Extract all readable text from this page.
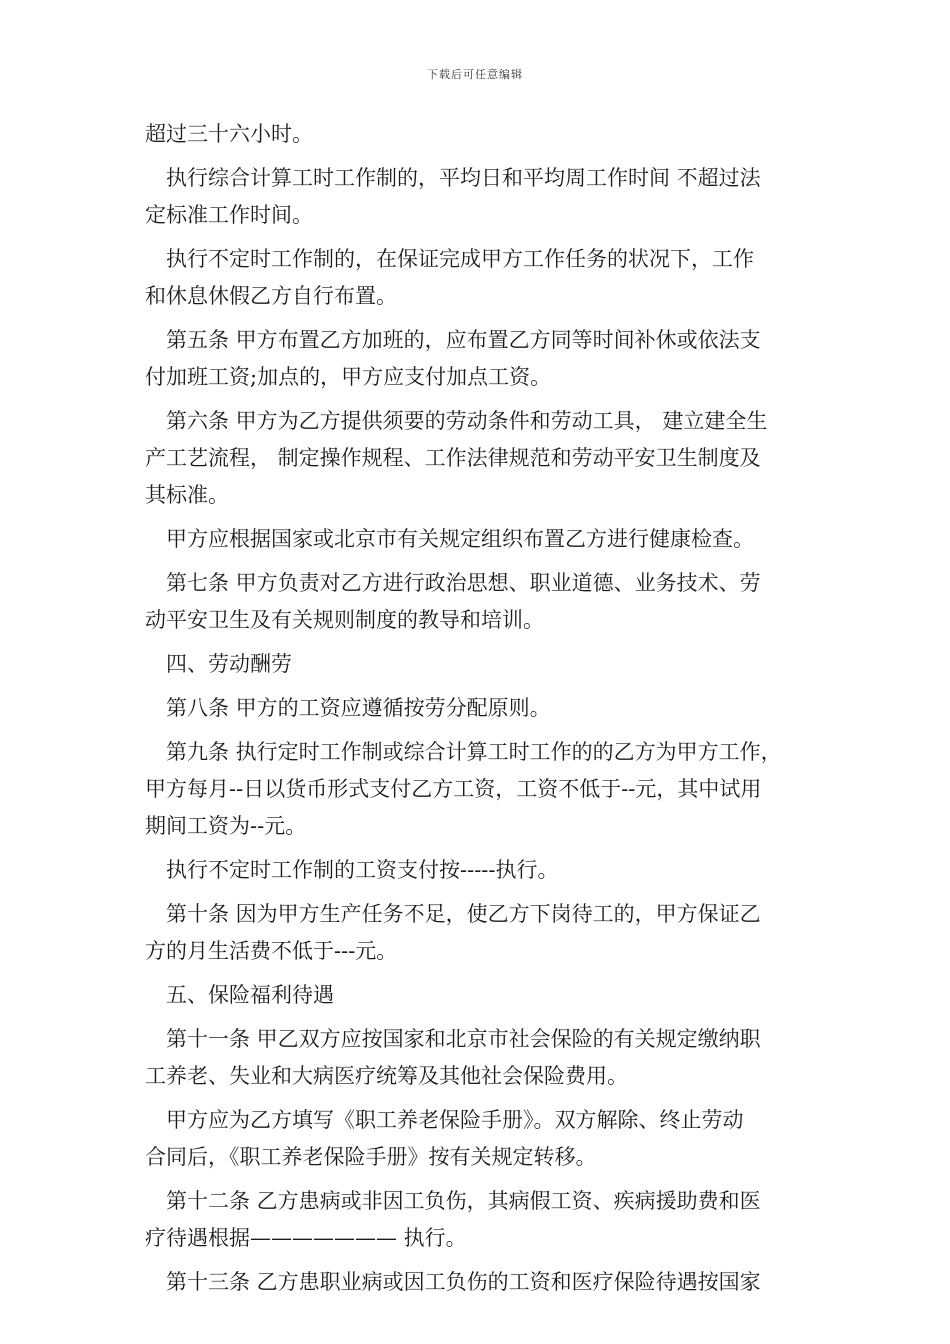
下载后可任意编辑

超过三十六小时。

执行综合计算工时工作制的，平均日和平均周工作时间 不超过法
定标准工作时间。

执行不定时工作制的，在保证完成甲方工作任务的状况下，工作
和休息休假乙方自行布置。

第五条 甲方布置乙方加班的，应布置乙方同等时间补休或依法支
付加班工资;加点的，甲方应支付加点工资。

第六条 甲方为乙方提供须要的劳动条件和劳动工具， 建立建全生
产工艺流程， 制定操作规程、工作法律规范和劳动平安卫生制度及
其标准。

甲方应根据国家或北京市有关规定组织布置乙方进行健康检查。

第七条 甲方负责对乙方进行政治思想、职业道德、业务技术、劳
动平安卫生及有关规则制度的教导和培训。

四、劳动酬劳

第八条 甲方的工资应遵循按劳分配原则。

第九条 执行定时工作制或综合计算工时工作的的乙方为甲方工作，
甲方每月--日以货币形式支付乙方工资，工资不低于--元，其中试用
期间工资为--元。

执行不定时工作制的工资支付按-----执行。

第十条 因为甲方生产任务不足，使乙方下岗待工的，甲方保证乙
方的月生活费不低于---元。

五、保险福利待遇

第十一条 甲乙双方应按国家和北京市社会保险的有关规定缴纳职
工养老、失业和大病医疗统筹及其他社会保险费用。

甲方应为乙方填写《职工养老保险手册》。双方解除、终止劳动
合同后，《职工养老保险手册》按有关规定转移。

第十二条 乙方患病或非因工负伤，其病假工资、疾病援助费和医
疗待遇根据——————— 执行。

第十三条 乙方患职业病或因工负伤的工资和医疗保险待遇按国家
